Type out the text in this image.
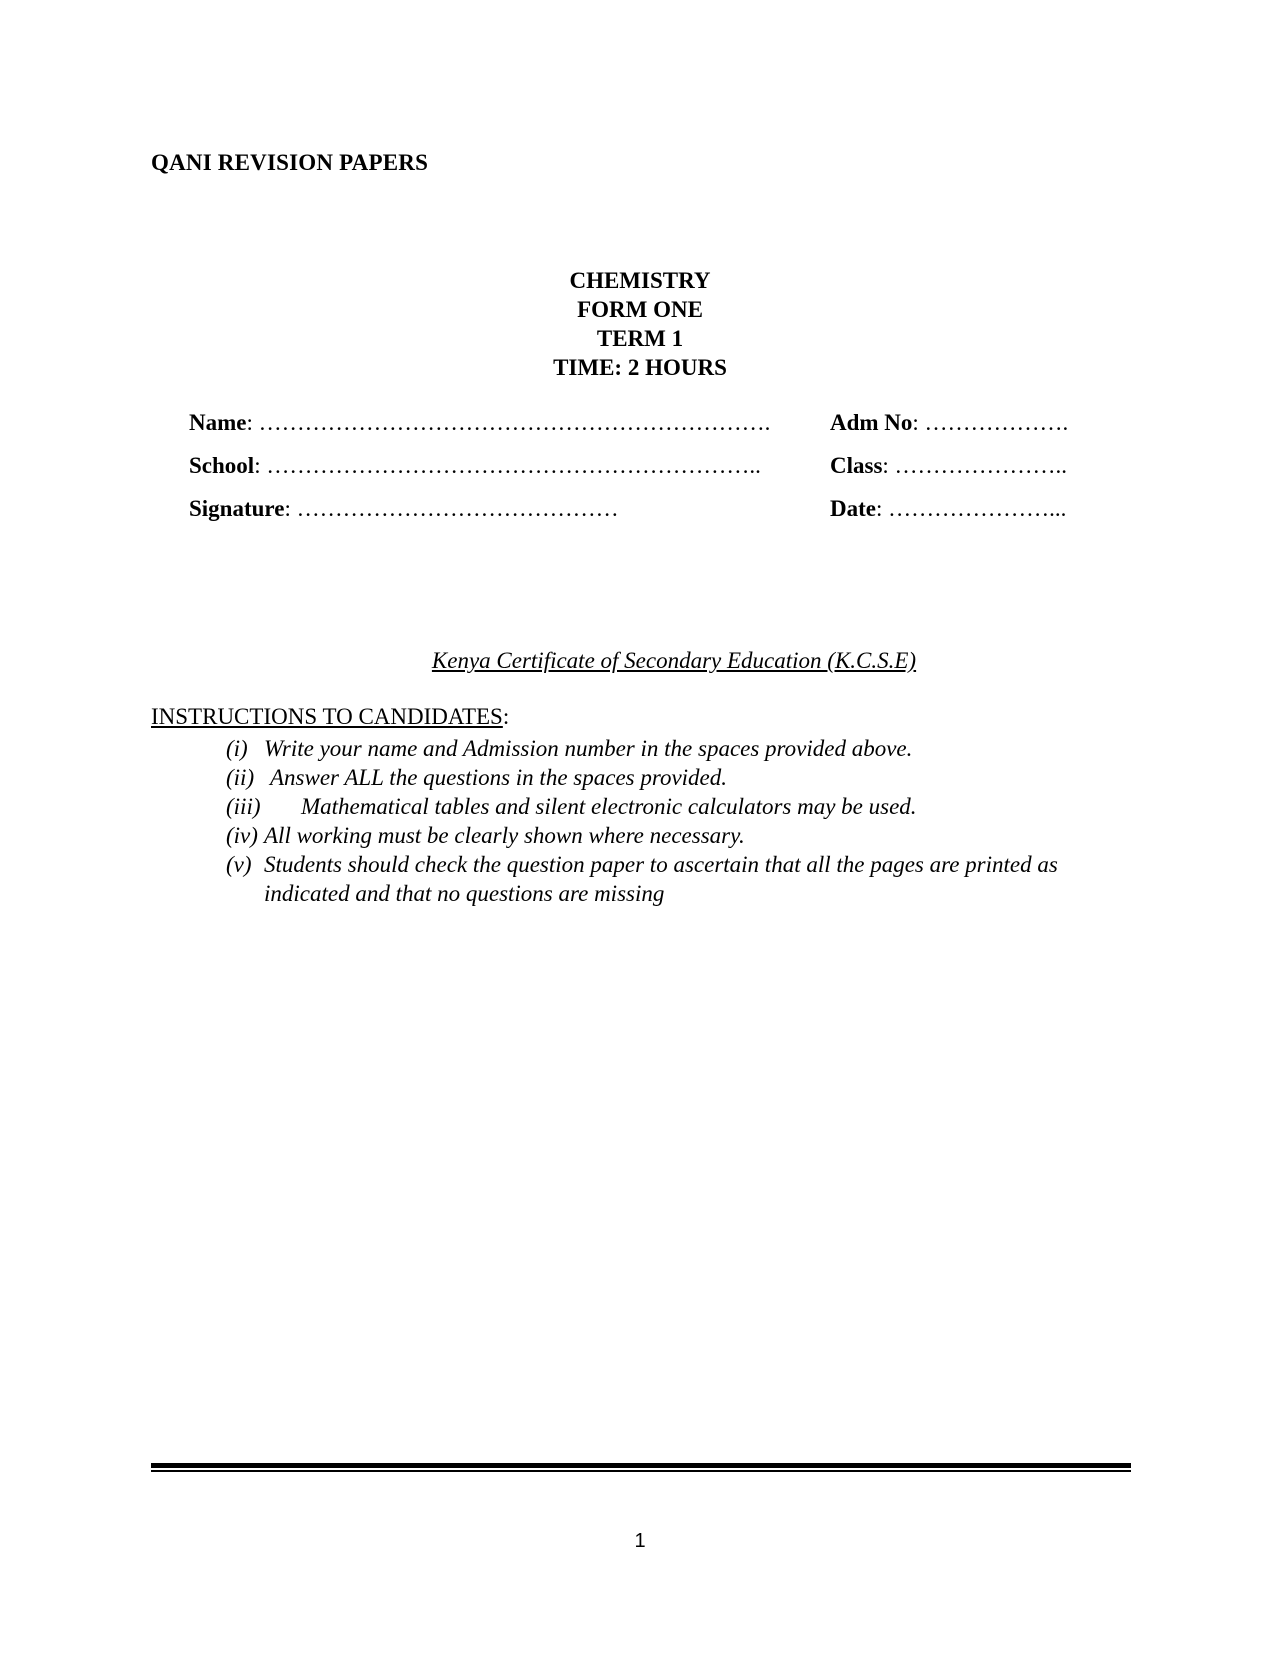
QANI REVISION PAPERS
CHEMISTRY
FORM ONE
TERM 1
TIME: 2 HOURS
Name: ………………………………………………………….	Adm No: ……………….
School: ………………………………………………………..	Class: …………………..
Signature: ……………………………………	Date: …………………...
Kenya Certificate of Secondary Education (K.C.S.E)
INSTRUCTIONS TO CANDIDATES:
(i) Write your name and Admission number in the spaces provided above.
(ii) Answer ALL the questions in the spaces provided.
(iii) Mathematical tables and silent electronic calculators may be used.
(iv) All working must be clearly shown where necessary.
(v) Students should check the question paper to ascertain that all the pages are printed as indicated and that no questions are missing
1
